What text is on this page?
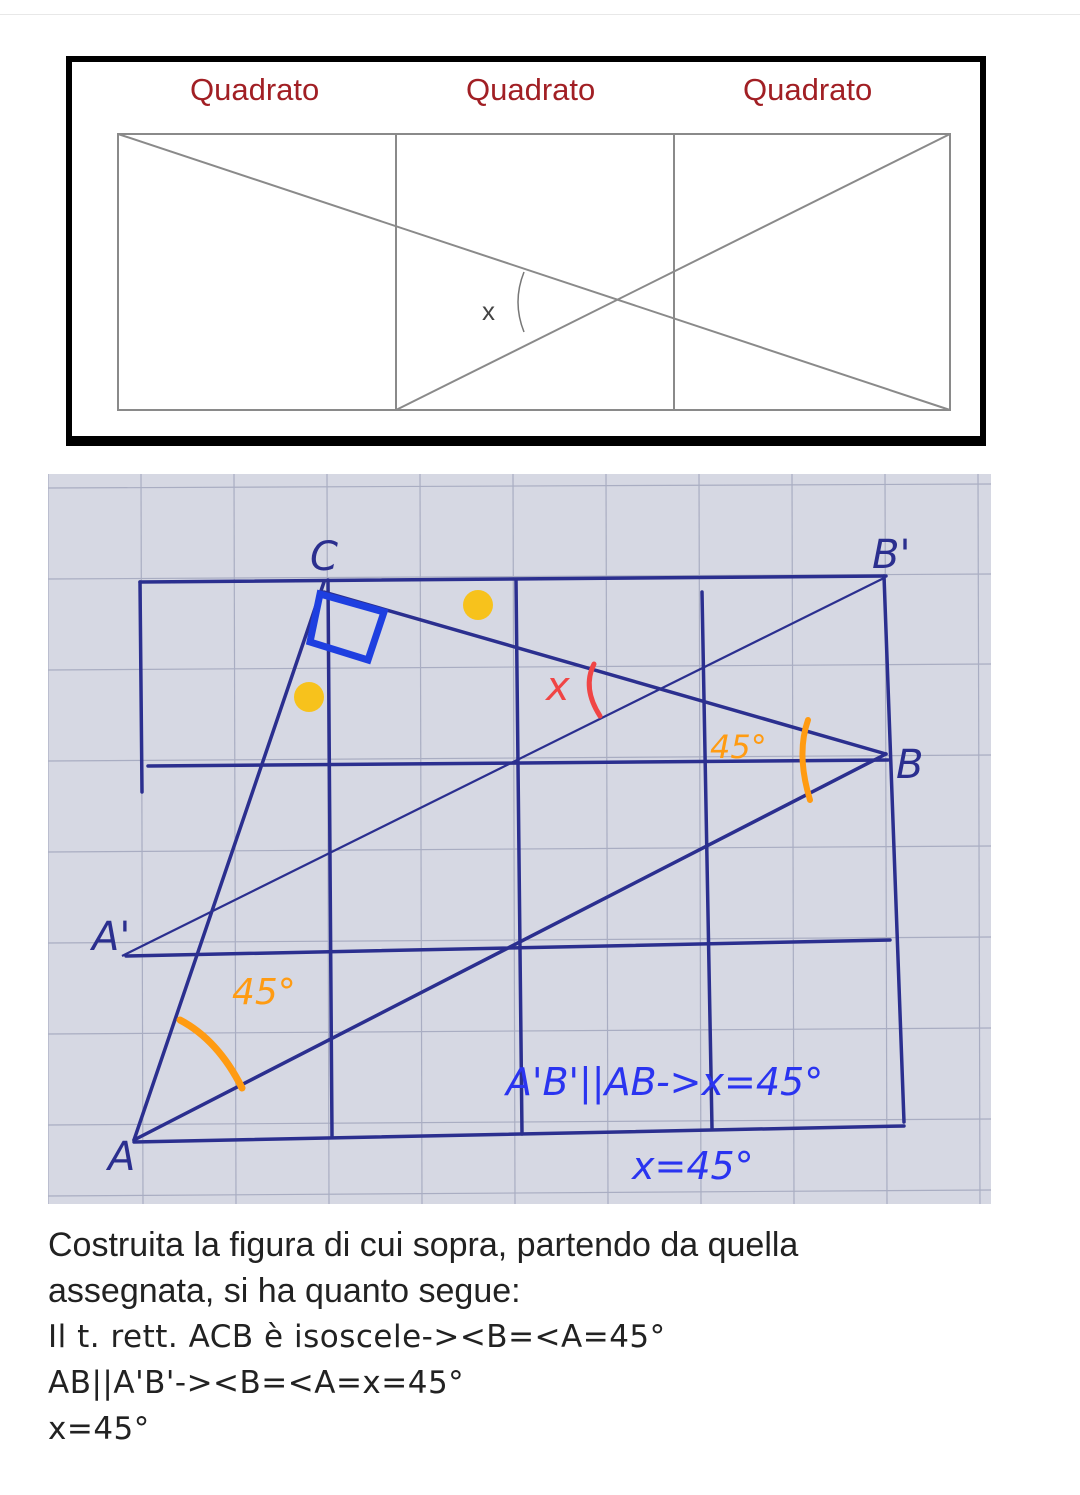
Quadrato	Quadrato	Quadrato
x
C	B'
B
A'
A
x
45°
45°
A'B'||AB->x=45°
x=45°

Costruita la figura di cui sopra, partendo da quella assegnata, si ha quanto segue:

Il t. rett. ACB è isoscele-><B=<A=45°

AB||A'B'-><B=<A=x=45°

x=45°
